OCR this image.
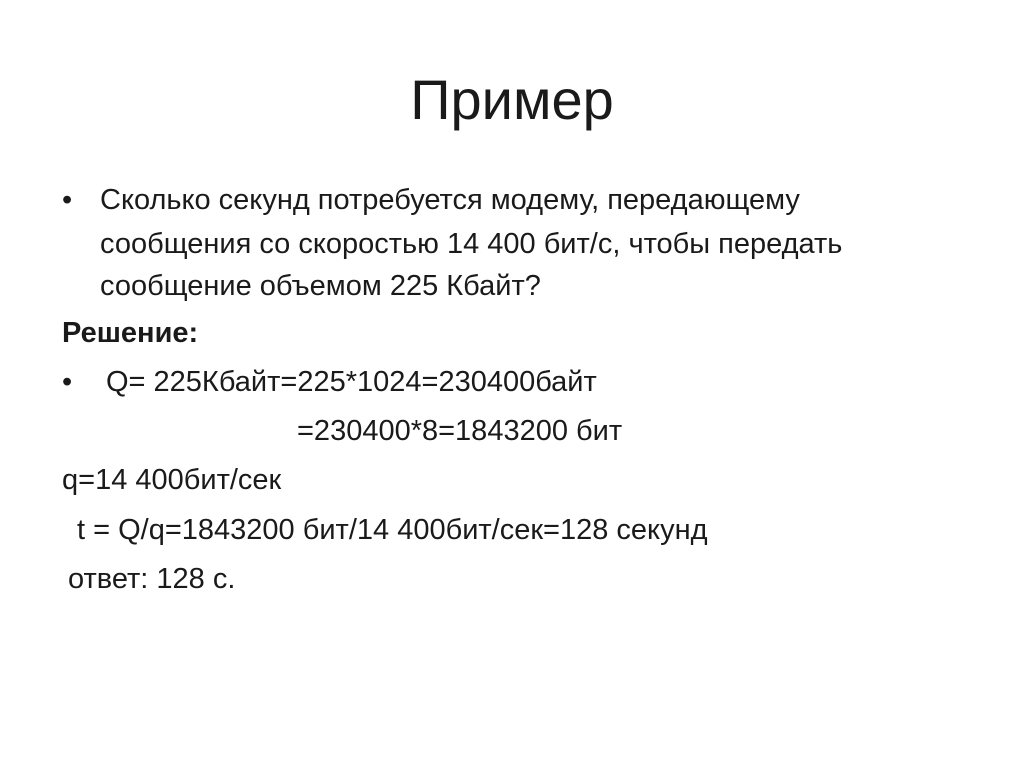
Пример
• Сколько секунд потребуется модему, передающему

сообщения со скоростью 14 400 бит/с, чтобы передать

сообщение объемом 225 Кбайт?

Решение:

• Q= 225Кбайт=225*1024=230400байт

=230400*8=1843200 бит

q=14 400бит/сек

t = Q/q=1843200 бит/14 400бит/сек=128 секунд

ответ: 128 с.
